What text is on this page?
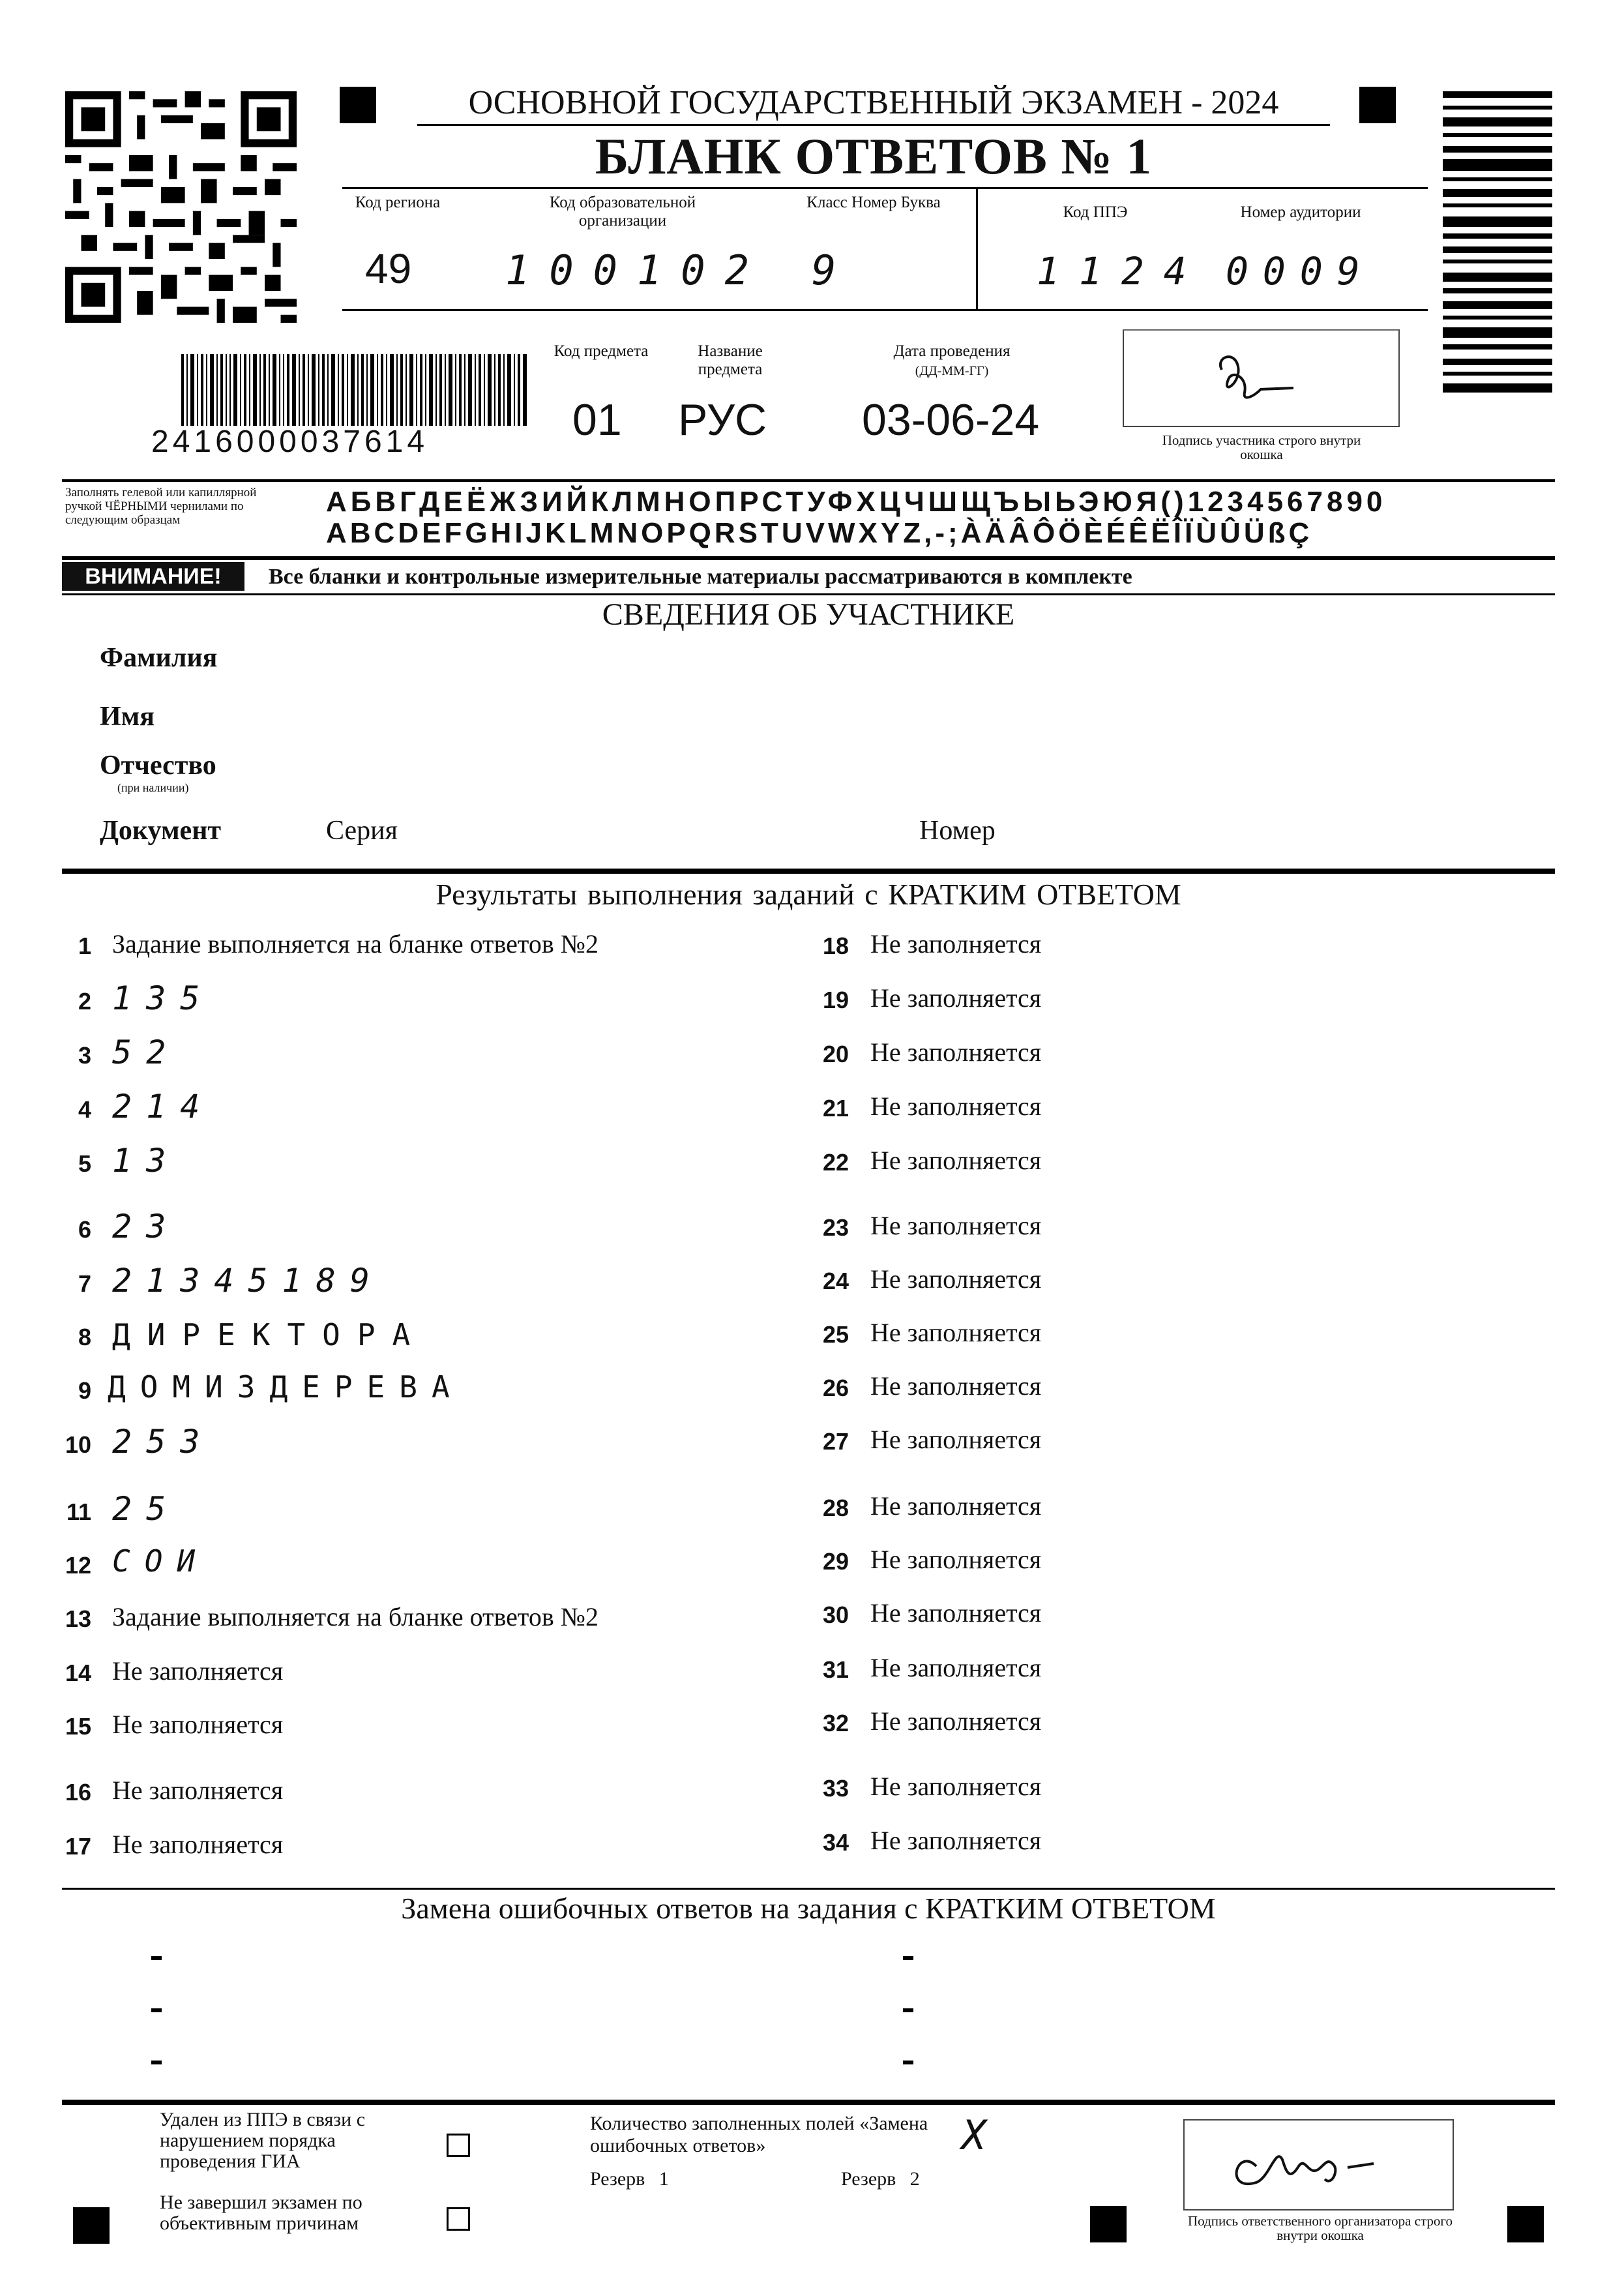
ОСНОВНОЙ ГОСУДАРСТВЕННЫЙ ЭКЗАМЕН - 2024
БЛАНК ОТВЕТОВ № 1
Код региона
49
Код образовательной организации
100102
Класс Номер Буква
9
Код ППЭ
1124
Номер аудитории
0009
2416000037614
Код предмета
01
Название предмета
РУС
Дата проведения
(ДД-ММ-ГГ)
03-06-24	Подпись участника строго внутри окошка
Заполнять гелевой или капиллярной ручкой ЧЁРНЫМИ чернилами по следующим образцам
АБВГДЕЁЖЗИЙКЛМНОПРСТУФХЦЧШЩЪЫЬЭЮЯ()1234567890
ABCDEFGHIJKLMNOPQRSTUVWXYZ,-;ÀÄÂÔÖÈÉÊËÎÏÙÛÜßÇ
ВНИМАНИЕ!	Все бланки и контрольные измерительные материалы рассматриваются в комплекте
СВЕДЕНИЯ ОБ УЧАСТНИКЕ
Фамилия
Имя
Отчество
(при наличии)
Документ	Серия	Номер
Результаты выполнения заданий с КРАТКИМ ОТВЕТОМ
1 Задание выполняется на бланке ответов №2
2 135
3 52
4 214
5 13
6 23
7 21345189
8 ДИРЕКТОРА
9 ДОМИЗДЕРЕВА
10 253
11 25
12 СОИ
13 Задание выполняется на бланке ответов №2
14 Не заполняется
15 Не заполняется
16 Не заполняется
17 Не заполняется
18 Не заполняется
19 Не заполняется
20 Не заполняется
21 Не заполняется
22 Не заполняется
23 Не заполняется
24 Не заполняется
25 Не заполняется
26 Не заполняется
27 Не заполняется
28 Не заполняется
29 Не заполняется
30 Не заполняется
31 Не заполняется
32 Не заполняется
33 Не заполняется
34 Не заполняется
Замена ошибочных ответов на задания с КРАТКИМ ОТВЕТОМ
Удален из ППЭ в связи с нарушением порядка проведения ГИА
Не завершил экзамен по объективным причинам
Количество заполненных полей «Замена ошибочных ответов»	X
Резерв 1	Резерв 2
Подпись ответственного организатора строго внутри окошка
